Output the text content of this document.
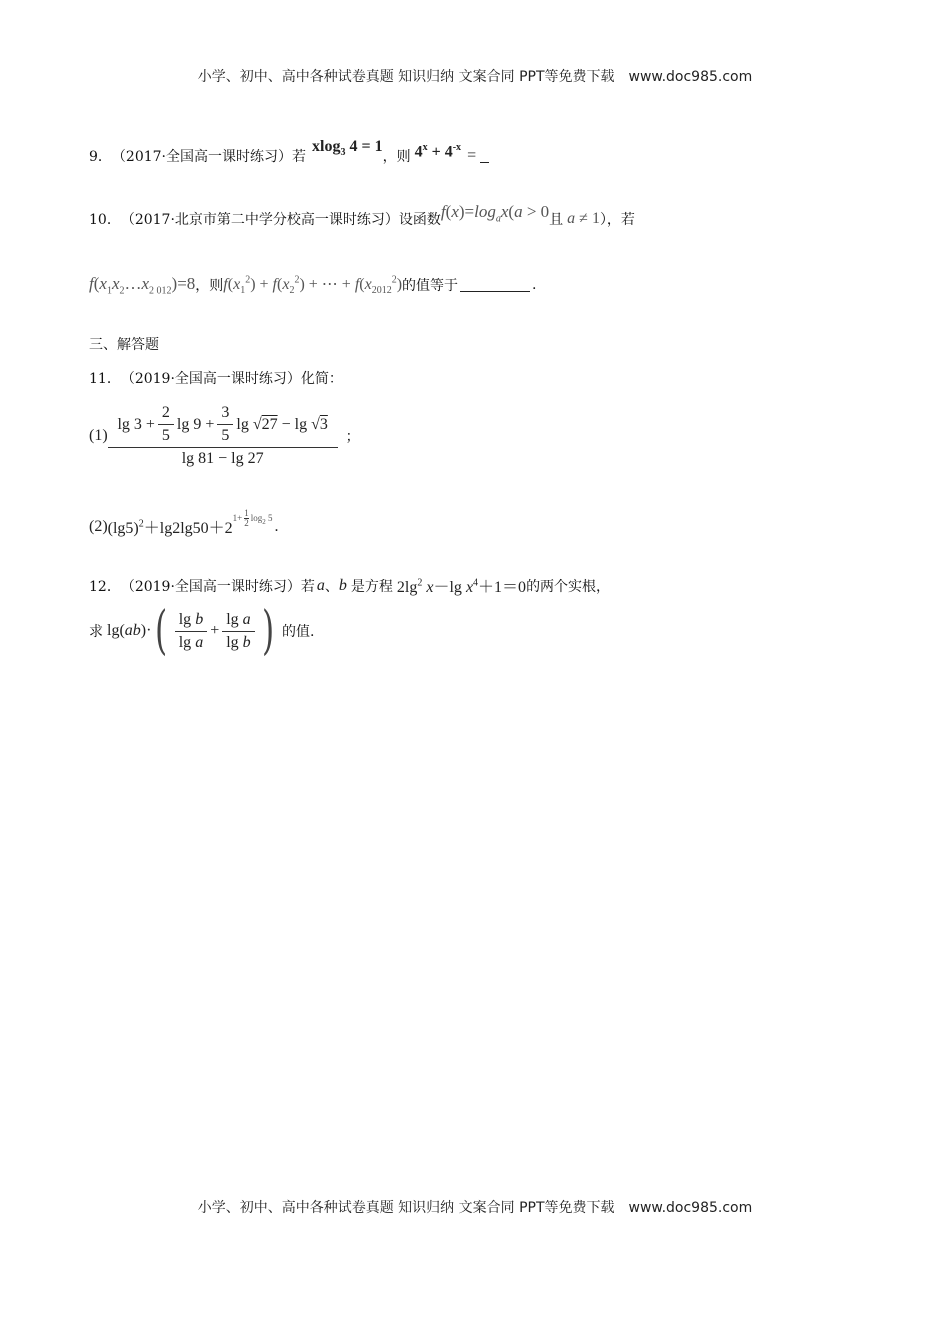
小学、初中、高中各种试卷真题 知识归纳 文案合同 PPT等免费下载 www.doc985.com
9． （2017·全国高一课时练习）若
xlog$_3$ 4 = 1
，则 $4^x + 4^{-x}$ =
10． （2017·北京市第二中学分校高一课时练习）设函数 $f(x)=\log_ax(a > 0$ 且 a ≠ 1 ），若
$f(x_1x_2\dots x_{2 012})=8$ ，则 $f(x_1^2) + f(x_2^2)$ + ⋯ + $f(x_{2012}^2)$ 的值等于	.
三、解答题
11． （2019·全国高一课时练习）化简：
$(1) \frac{\lg 3 + \frac{2}{5} \lg 9 + \frac{3}{5} \lg √ 27 - \lg √ 3}{\lg 81 - \lg 27}$ ；
(2) $(\lg 5)^2+\lg 2\lg 50+2^{1+ \frac{1}{2} log_2 5}$ .
12． （2019·全国高一课时练习）若 a 、 b 是方程 $2\lg^2$ x－lg $x^4+1=0$ 的两个实根，
求 lg(ab)· ( $\frac{\text{lg b}}{\text{lg a}} + \frac{\text{lg a}}{\text{lg b}}$ ) 的值.
小学、初中、高中各种试卷真题 知识归纳 文案合同 PPT等免费下载 www.doc985.com
